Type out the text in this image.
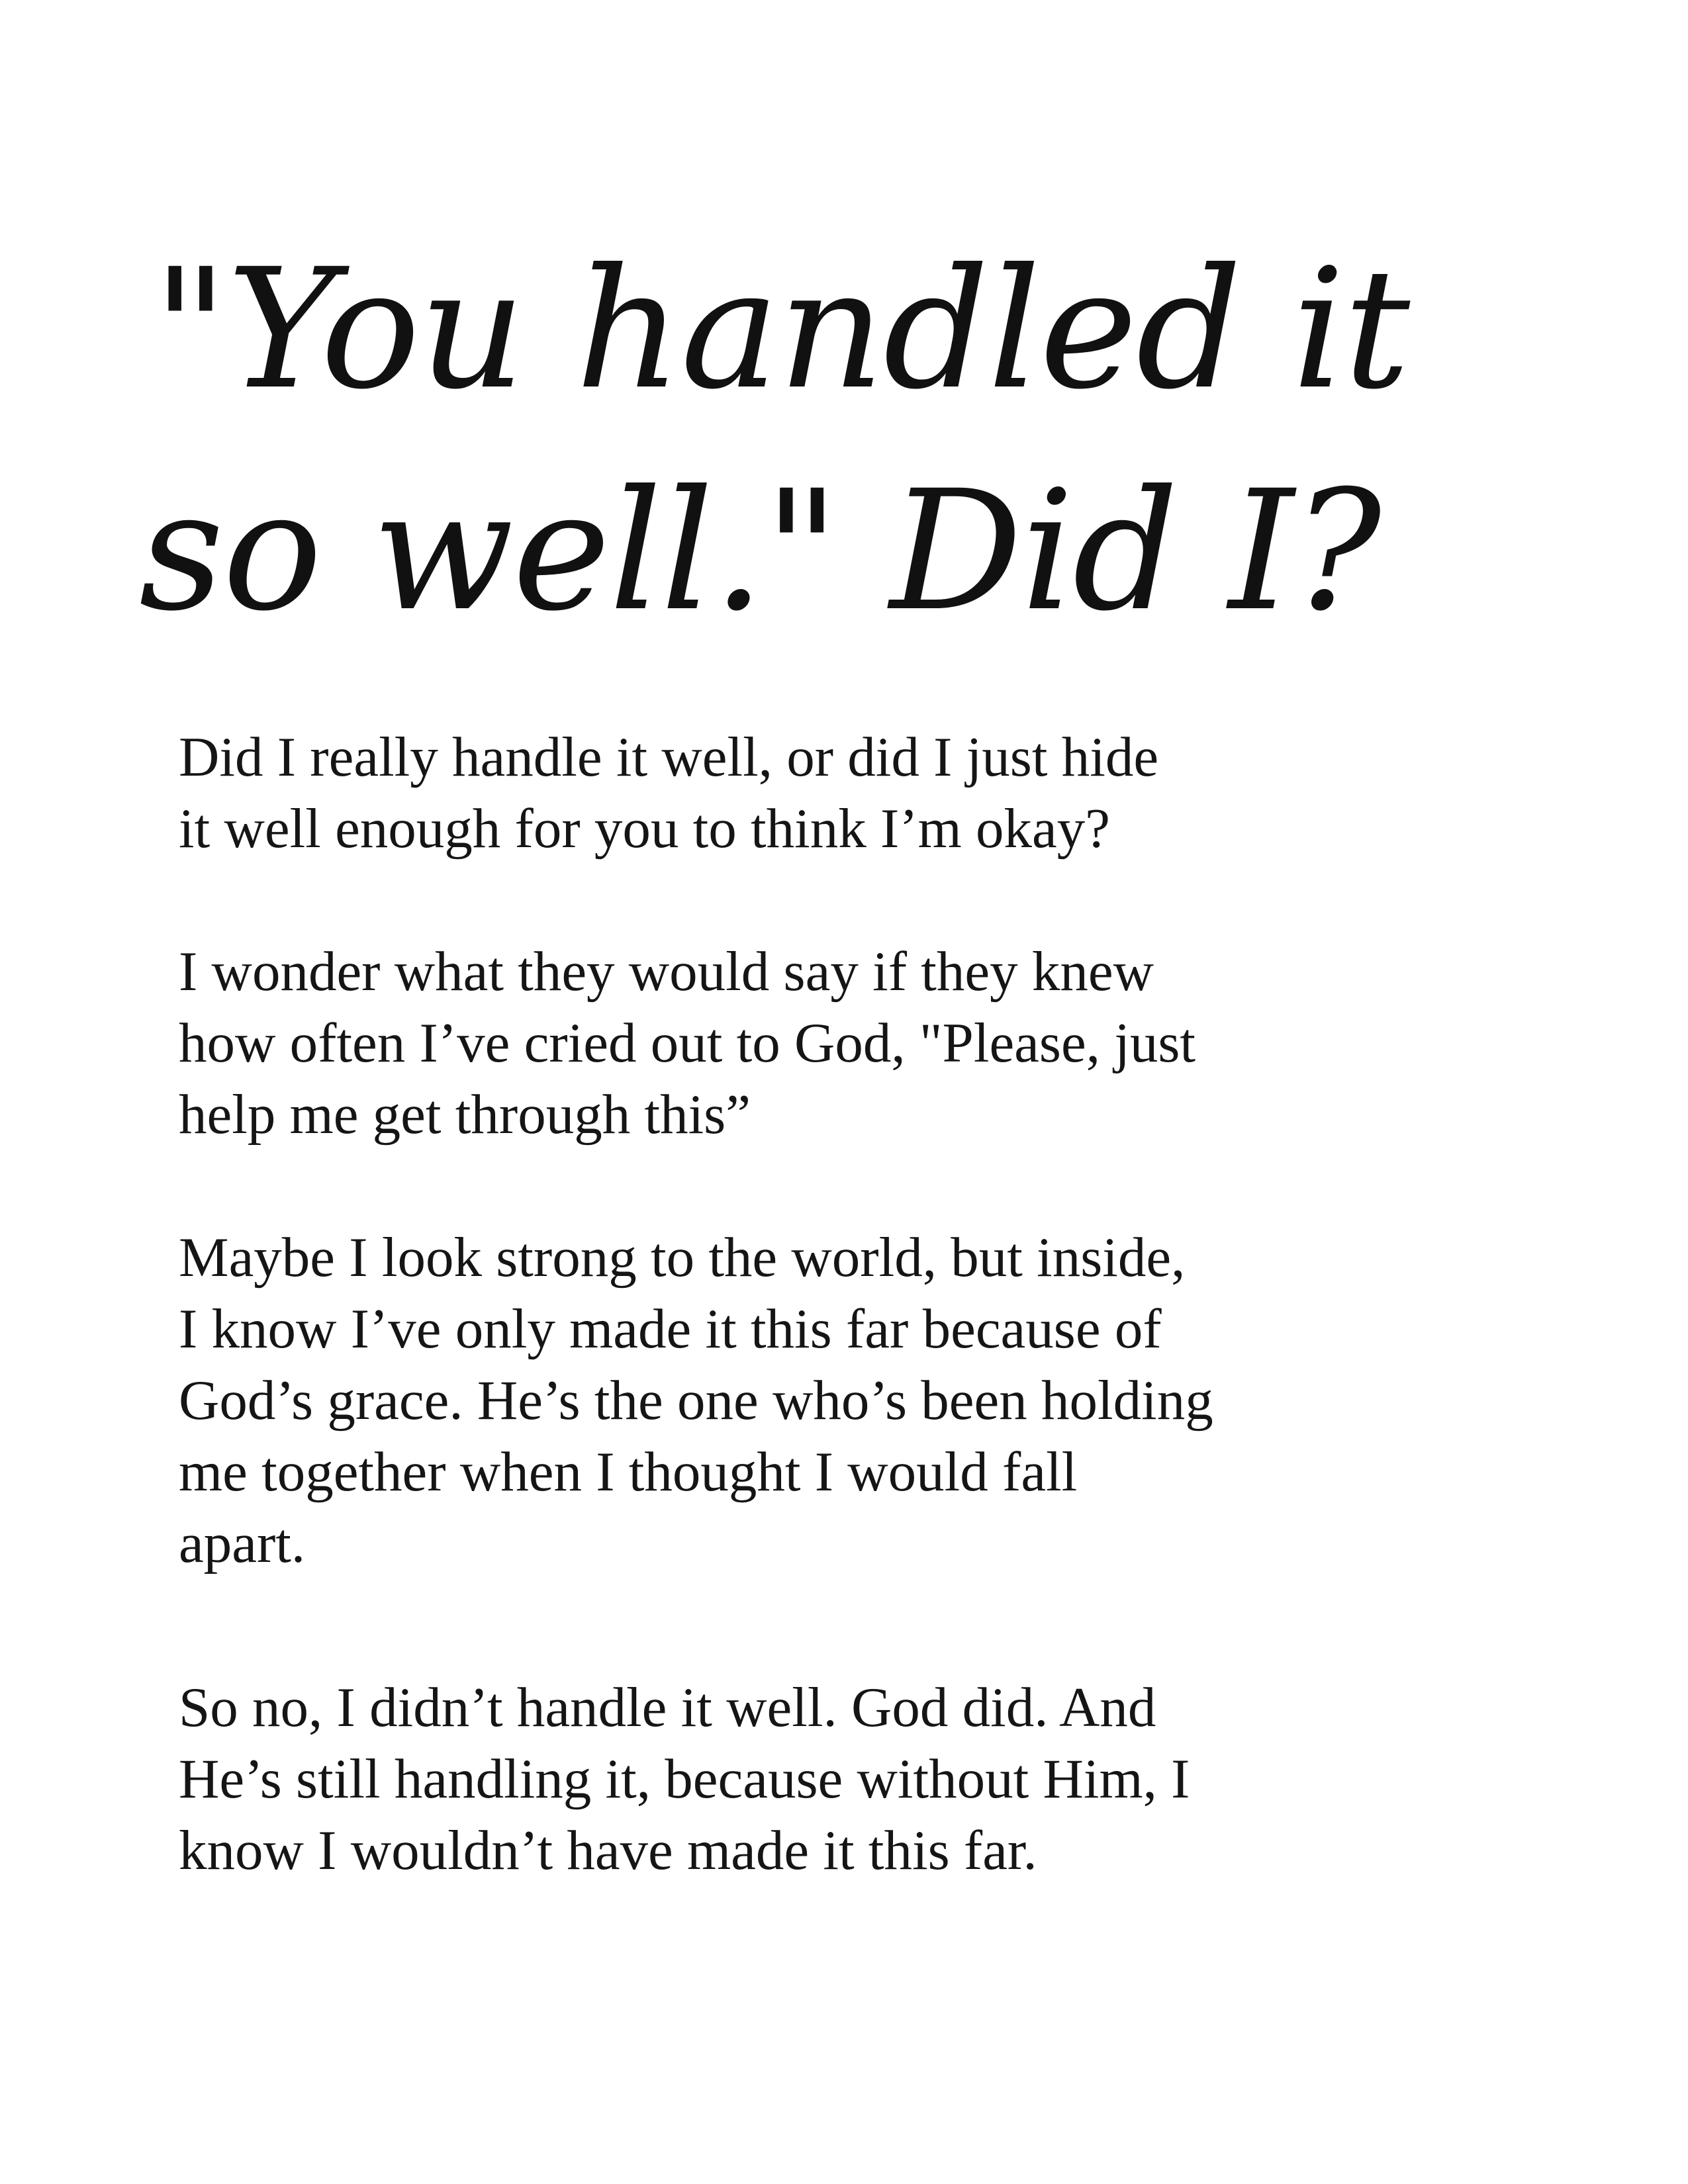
"You handled it
so well." Did I?

Did I really handle it well, or did I just hide
it well enough for you to think I’m okay?

I wonder what they would say if they knew
how often I’ve cried out to God, "Please, just
help me get through this”

Maybe I look strong to the world, but inside,
I know I’ve only made it this far because of
God’s grace. He’s the one who’s been holding
me together when I thought I would fall
apart.

So no, I didn’t handle it well. God did. And
He’s still handling it, because without Him, I
know I wouldn’t have made it this far.
